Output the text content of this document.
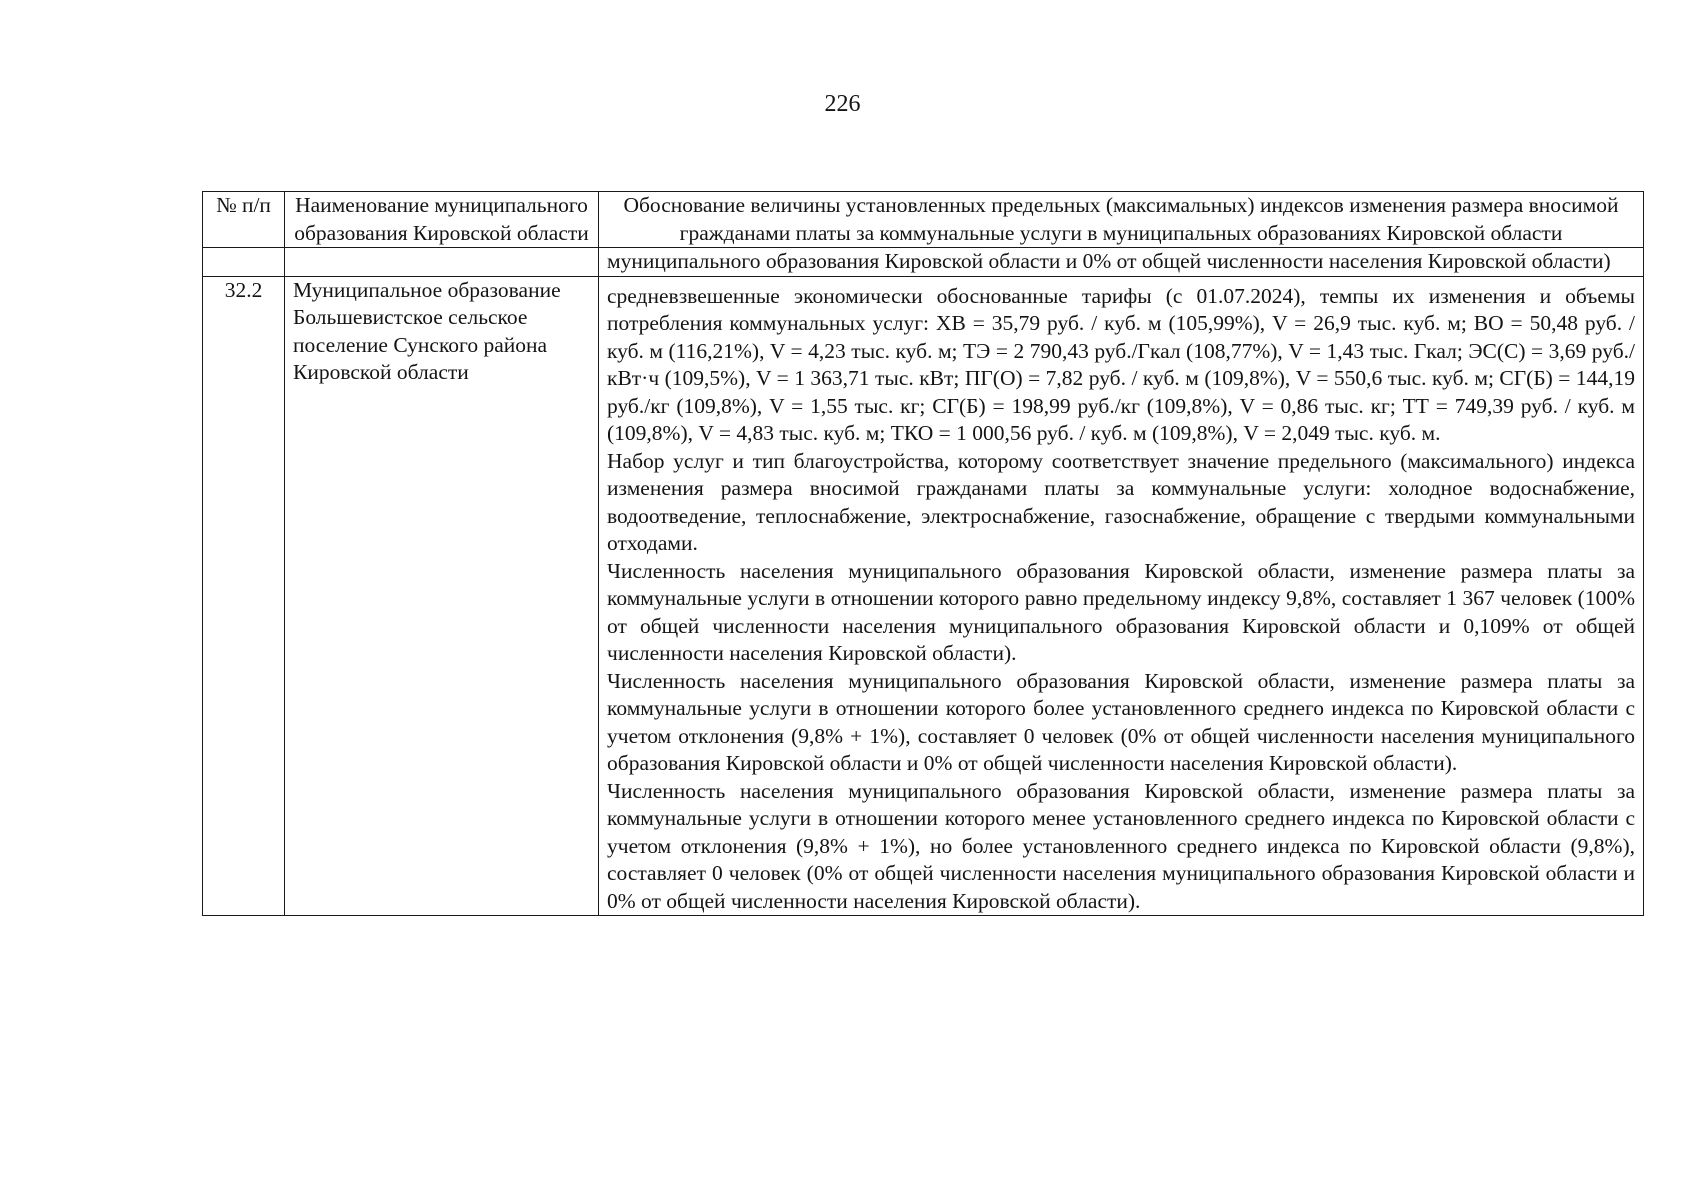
226
№ п/п	Наименование муниципального образования Кировской области	Обоснование величины установленных предельных (максимальных) индексов изменения размера вносимой гражданами платы за коммунальные услуги в муниципальных образованиях Кировской области
		муниципального образования Кировской области и 0% от общей численности населения Кировской области)
32.2	Муниципальное образование Большевистское сельское поселение Сунского района Кировской области	средневзвешенные экономически обоснованные тарифы (с 01.07.2024), темпы их изменения и объемы потребления коммунальных услуг: ХВ = 35,79 руб. / куб. м (105,99%), V = 26,9 тыс. куб. м; ВО = 50,48 руб. / куб. м (116,21%), V = 4,23 тыс. куб. м; ТЭ = 2 790,43 руб./Гкал (108,77%), V = 1,43 тыс. Гкал; ЭС(С) = 3,69 руб./кВт·ч (109,5%), V = 1 363,71 тыс. кВт; ПГ(О) = 7,82 руб. / куб. м (109,8%), V = 550,6 тыс. куб. м; СГ(Б) = 144,19 руб./кг (109,8%), V = 1,55 тыс. кг; СГ(Б) = 198,99 руб./кг (109,8%), V = 0,86 тыс. кг; ТТ = 749,39 руб. / куб. м (109,8%), V = 4,83 тыс. куб. м; ТКО = 1 000,56 руб. / куб. м (109,8%), V = 2,049 тыс. куб. м.

Набор услуг и тип благоустройства, которому соответствует значение предельного (максимального) индекса изменения размера вносимой гражданами платы за коммунальные услуги: холодное водоснабжение, водоотведение, теплоснабжение, электроснабжение, газоснабжение, обращение с твердыми коммунальными отходами.

Численность населения муниципального образования Кировской области, изменение размера платы за коммунальные услуги в отношении которого равно предельному индексу 9,8%, составляет 1 367 человек (100% от общей численности населения муниципального образования Кировской области и 0,109% от общей численности населения Кировской области).

Численность населения муниципального образования Кировской области, изменение размера платы за коммунальные услуги в отношении которого более установленного среднего индекса по Кировской области с учетом отклонения (9,8% + 1%), составляет 0 человек (0% от общей численности населения муниципального образования Кировской области и 0% от общей численности населения Кировской области).

Численность населения муниципального образования Кировской области, изменение размера платы за коммунальные услуги в отношении которого менее установленного среднего индекса по Кировской области с учетом отклонения (9,8% + 1%), но более установленного среднего индекса по Кировской области (9,8%), составляет 0 человек (0% от общей численности населения муниципального образования Кировской области и 0% от общей численности населения Кировской области).
